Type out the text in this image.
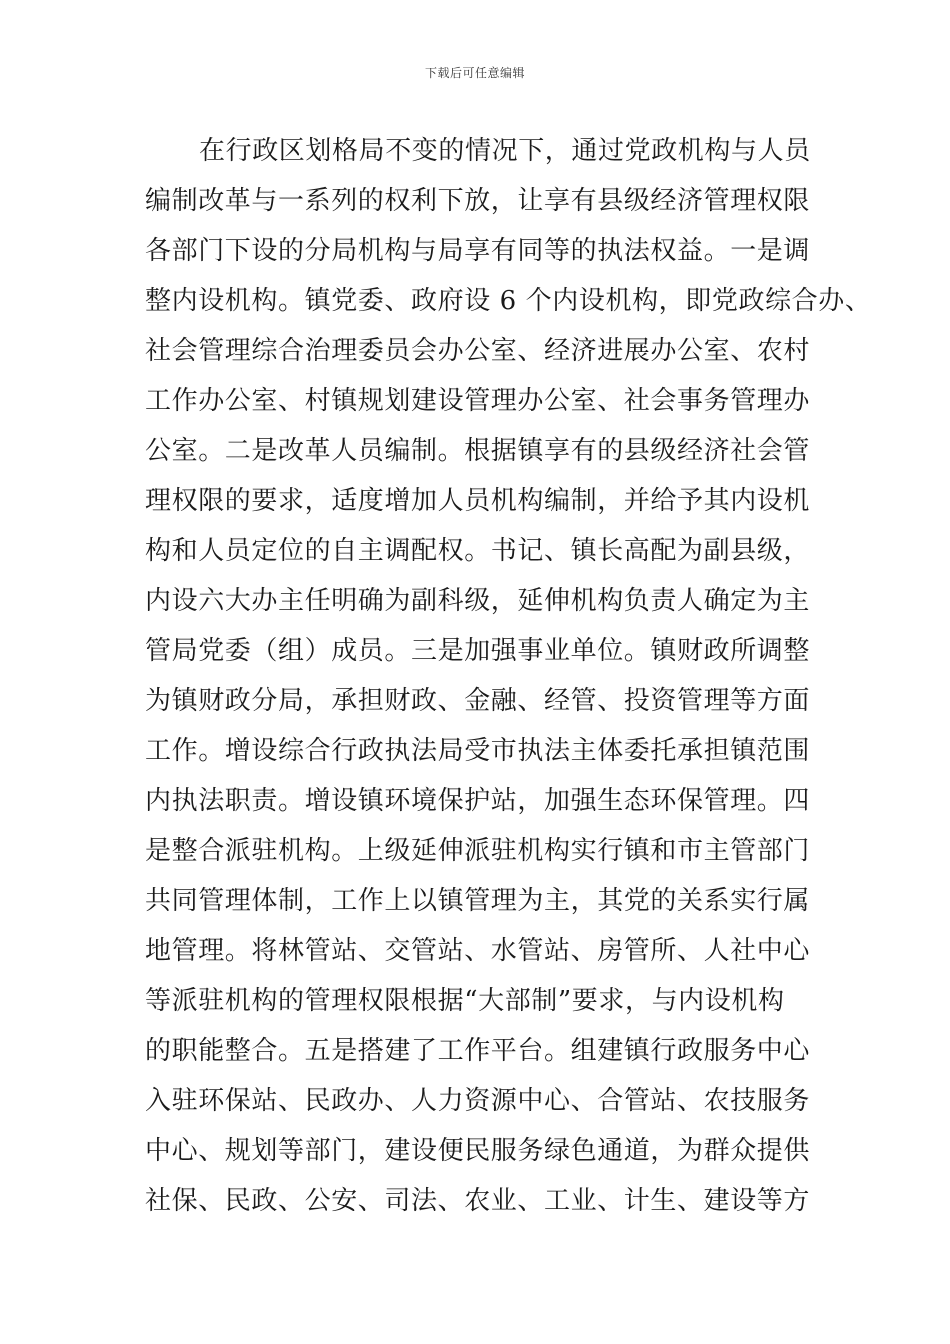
下载后可任意编辑
在行政区划格局不变的情况下，通过党政机构与人员
编制改革与一系列的权利下放，让享有县级经济管理权限
各部门下设的分局机构与局享有同等的执法权益。一是调
整内设机构。镇党委、政府设 6 个内设机构，即党政综合办、
社会管理综合治理委员会办公室、经济进展办公室、农村
工作办公室、村镇规划建设管理办公室、社会事务管理办
公室。二是改革人员编制。根据镇享有的县级经济社会管
理权限的要求，适度增加人员机构编制，并给予其内设机
构和人员定位的自主调配权。书记、镇长高配为副县级，
内设六大办主任明确为副科级，延伸机构负责人确定为主
管局党委（组）成员。三是加强事业单位。镇财政所调整
为镇财政分局，承担财政、金融、经管、投资管理等方面
工作。增设综合行政执法局受市执法主体委托承担镇范围
内执法职责。增设镇环境保护站，加强生态环保管理。四
是整合派驻机构。上级延伸派驻机构实行镇和市主管部门
共同管理体制，工作上以镇管理为主，其党的关系实行属
地管理。将林管站、交管站、水管站、房管所、人社中心
等派驻机构的管理权限根据“大部制”要求，与内设机构
的职能整合。五是搭建了工作平台。组建镇行政服务中心
入驻环保站、民政办、人力资源中心、合管站、农技服务
中心、规划等部门，建设便民服务绿色通道，为群众提供
社保、民政、公安、司法、农业、工业、计生、建设等方
